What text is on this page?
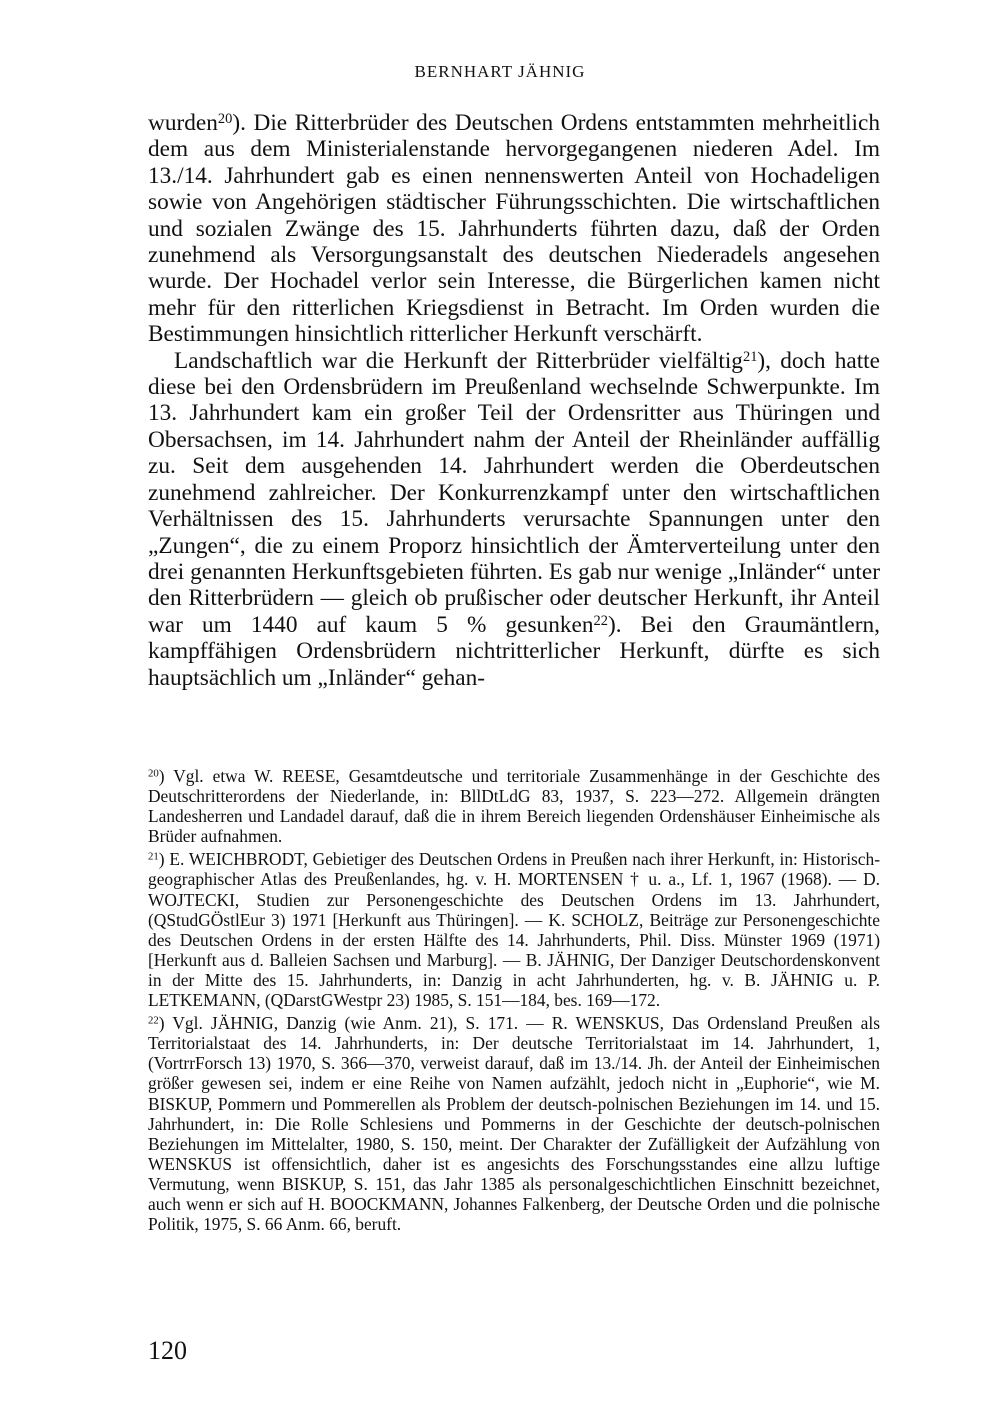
BERNHART JÄHNIG

wurden$^{20}$). Die Ritterbrüder des Deutschen Ordens entstammten mehrheitlich dem aus dem Ministerialenstande hervorgegangenen niederen Adel. Im 13./14. Jahrhundert gab es einen nennenswerten Anteil von Hochadeligen sowie von Angehörigen städtischer Führungsschichten. Die wirtschaftlichen und sozialen Zwänge des 15. Jahrhunderts führten dazu, daß der Orden zunehmend als Versorgungsanstalt des deutschen Niederadels angesehen wurde. Der Hochadel verlor sein Interesse, die Bürgerlichen kamen nicht mehr für den ritterlichen Kriegsdienst in Betracht. Im Orden wurden die Bestimmungen hinsichtlich ritterlicher Herkunft verschärft.

Landschaftlich war die Herkunft der Ritterbrüder vielfältig$^{21}$), doch hatte diese bei den Ordensbrüdern im Preußenland wechselnde Schwerpunkte. Im 13. Jahrhundert kam ein großer Teil der Ordensritter aus Thüringen und Obersachsen, im 14. Jahrhundert nahm der Anteil der Rheinländer auffällig zu. Seit dem ausgehenden 14. Jahrhundert werden die Oberdeutschen zunehmend zahlreicher. Der Konkurrenzkampf unter den wirtschaftlichen Verhältnissen des 15. Jahrhunderts verursachte Spannungen unter den „Zungen“, die zu einem Proporz hinsichtlich der Ämterverteilung unter den drei genannten Herkunftsgebieten führten. Es gab nur wenige „Inländer“ unter den Ritterbrüdern — gleich ob prußischer oder deutscher Herkunft, ihr Anteil war um 1440 auf kaum 5 % gesunken$^{22}$). Bei den Graumäntlern, kampffähigen Ordensbrüdern nichtritterlicher Herkunft, dürfte es sich hauptsächlich um „Inländer“ gehan-

$^{20}$) Vgl. etwa W. REESE, Gesamtdeutsche und territoriale Zusammenhänge in der Geschichte des Deutschritterordens der Niederlande, in: BllDtLdG 83, 1937, S. 223—272. Allgemein drängten Landesherren und Landadel darauf, daß die in ihrem Bereich liegenden Ordenshäuser Einheimische als Brüder aufnahmen.

$^{21}$) E. WEICHBRODT, Gebietiger des Deutschen Ordens in Preußen nach ihrer Herkunft, in: Historisch-geographischer Atlas des Preußenlandes, hg. v. H. MORTENSEN † u. a., Lf. 1, 1967 (1968). — D. WOJTECKI, Studien zur Personengeschichte des Deutschen Ordens im 13. Jahrhundert, (QStudGÖstlEur 3) 1971 [Herkunft aus Thüringen]. — K. SCHOLZ, Beiträge zur Personengeschichte des Deutschen Ordens in der ersten Hälfte des 14. Jahrhunderts, Phil. Diss. Münster 1969 (1971) [Herkunft aus d. Balleien Sachsen und Marburg]. — B. JÄHNIG, Der Danziger Deutschordenskonvent in der Mitte des 15. Jahrhunderts, in: Danzig in acht Jahrhunderten, hg. v. B. JÄHNIG u. P. LETKEMANN, (QDarstGWestpr 23) 1985, S. 151—184, bes. 169—172.

$^{22}$) Vgl. JÄHNIG, Danzig (wie Anm. 21), S. 171. — R. WENSKUS, Das Ordensland Preußen als Territorialstaat des 14. Jahrhunderts, in: Der deutsche Territorialstaat im 14. Jahrhundert, 1, (VortrrForsch 13) 1970, S. 366—370, verweist darauf, daß im 13./14. Jh. der Anteil der Einheimischen größer gewesen sei, indem er eine Reihe von Namen aufzählt, jedoch nicht in „Euphorie“, wie M. BISKUP, Pommern und Pommerellen als Problem der deutsch-polnischen Beziehungen im 14. und 15. Jahrhundert, in: Die Rolle Schlesiens und Pommerns in der Geschichte der deutsch-polnischen Beziehungen im Mittelalter, 1980, S. 150, meint. Der Charakter der Zufälligkeit der Aufzählung von WENSKUS ist offensichtlich, daher ist es angesichts des Forschungsstandes eine allzu luftige Vermutung, wenn BISKUP, S. 151, das Jahr 1385 als personalgeschichtlichen Einschnitt bezeichnet, auch wenn er sich auf H. BOOCKMANN, Johannes Falkenberg, der Deutsche Orden und die polnische Politik, 1975, S. 66 Anm. 66, beruft.

120
